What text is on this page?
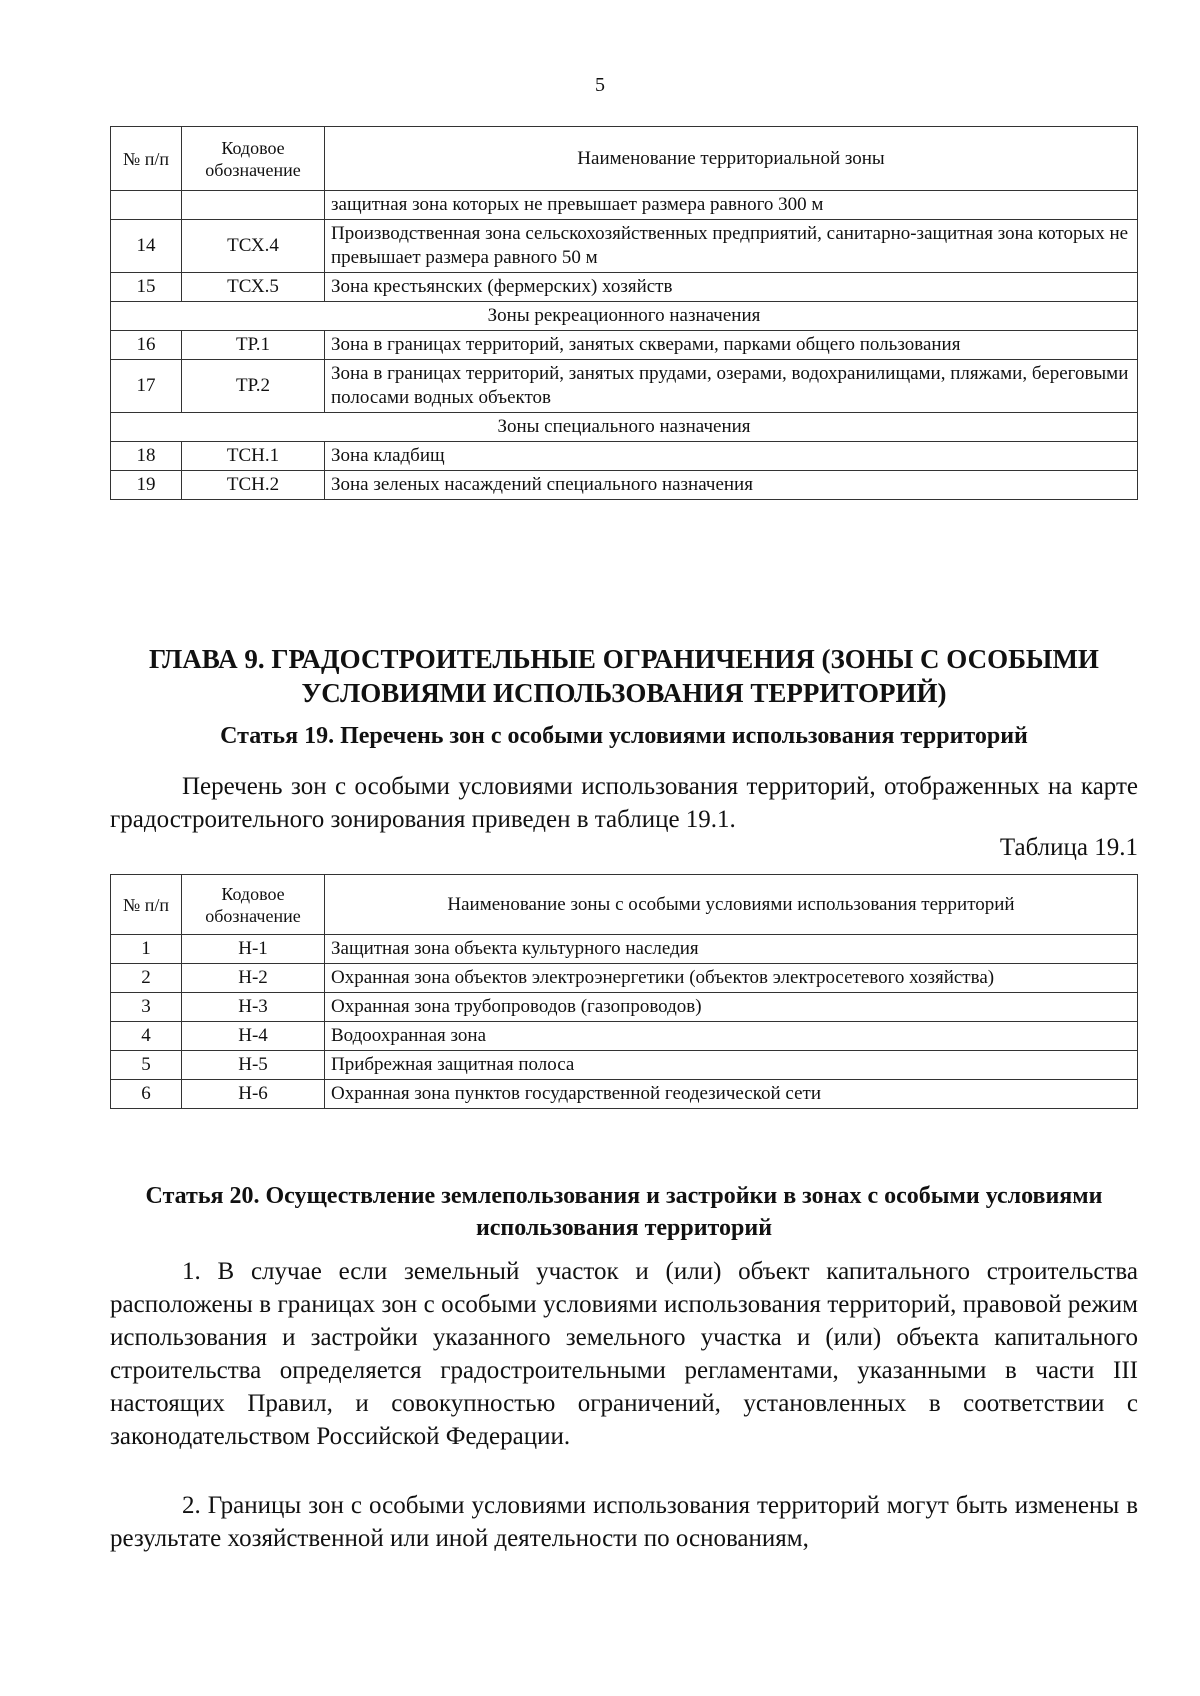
5
№ п/п	Кодовое обозначение	Наименование территориальной зоны
		защитная зона которых не превышает размера равного 300 м
14	ТСХ.4	Производственная зона сельскохозяйственных предприятий, санитарно-защитная зона которых не превышает размера равного 50 м
15	ТСХ.5	Зона крестьянских (фермерских) хозяйств
Зоны рекреационного назначения		
16	ТР.1	Зона в границах территорий, занятых скверами, парками общего пользования
17	ТР.2	Зона в границах территорий, занятых прудами, озерами, водохранилищами, пляжами, береговыми полосами водных объектов
Зоны специального назначения		
18	ТСН.1	Зона кладбищ
19	ТСН.2	Зона зеленых насаждений специального назначения
ГЛАВА 9. ГРАДОСТРОИТЕЛЬНЫЕ ОГРАНИЧЕНИЯ (ЗОНЫ С ОСОБЫМИ УСЛОВИЯМИ ИСПОЛЬЗОВАНИЯ ТЕРРИТОРИЙ)
Статья 19. Перечень зон с особыми условиями использования территорий
Перечень зон с особыми условиями использования территорий, отображенных на карте градостроительного зонирования приведен в таблице 19.1.
Таблица 19.1
№ п/п	Кодовое обозначение	Наименование зоны с особыми условиями использования территорий
1	Н-1	Защитная зона объекта культурного наследия
2	Н-2	Охранная зона объектов электроэнергетики (объектов электросетевого хозяйства)
3	Н-3	Охранная зона трубопроводов (газопроводов)
4	Н-4	Водоохранная зона
5	Н-5	Прибрежная защитная полоса
6	Н-6	Охранная зона пунктов государственной геодезической сети
Статья 20. Осуществление землепользования и застройки в зонах с особыми условиями использования территорий
1. В случае если земельный участок и (или) объект капитального строительства расположены в границах зон с особыми условиями использования территорий, правовой режим использования и застройки указанного земельного участка и (или) объекта капитального строительства определяется градостроительными регламентами, указанными в части III настоящих Правил, и совокупностью ограничений, установленных в соответствии с законодательством Российской Федерации.
2. Границы зон с особыми условиями использования территорий могут быть изменены в результате хозяйственной или иной деятельности по основаниям,
